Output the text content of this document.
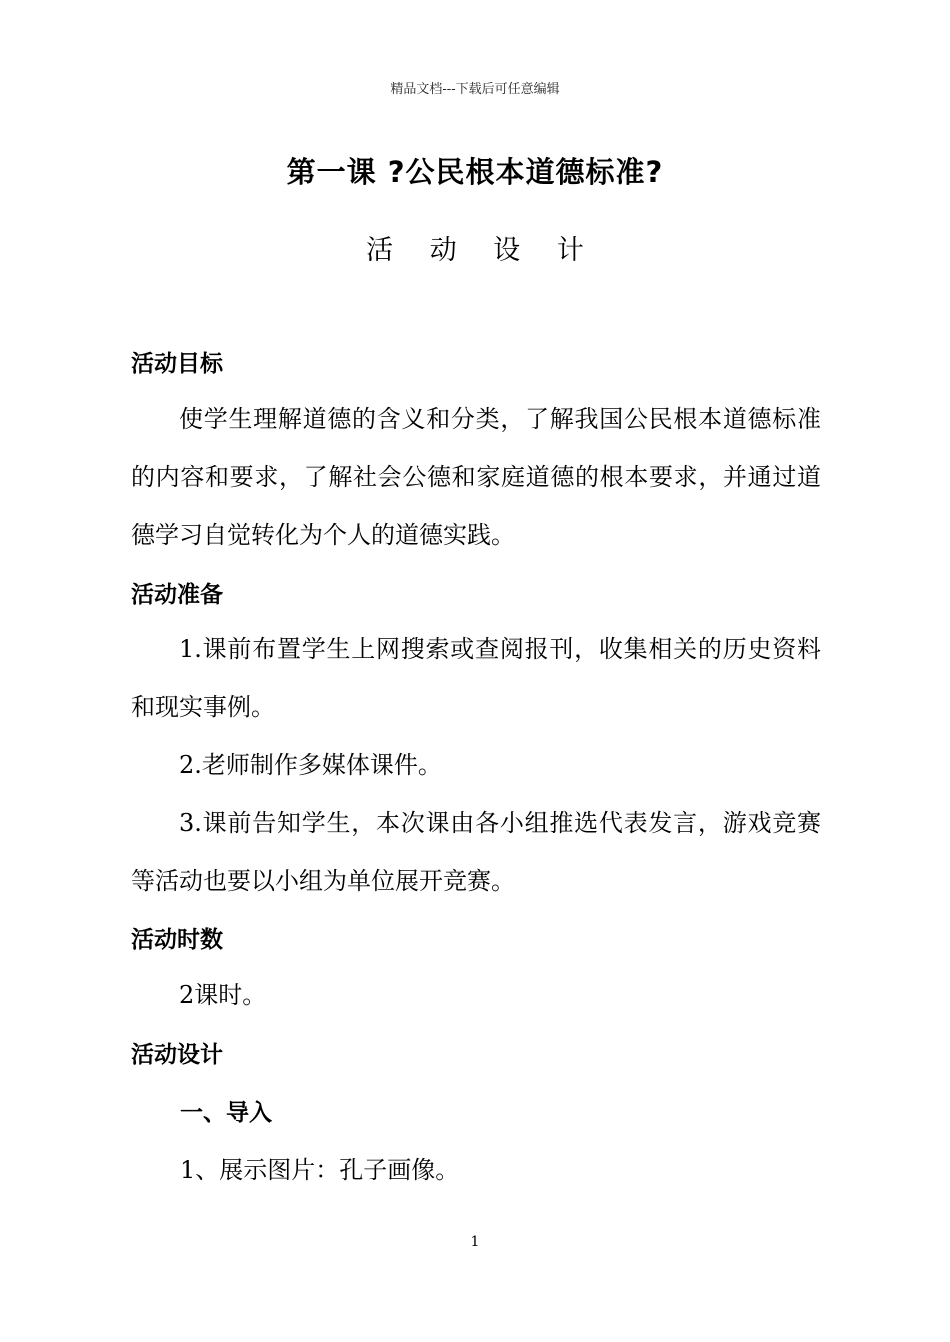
精品文档---下载后可任意编辑
第一课 ?公民根本道德标准?
活 动 设 计
活动目标
使学生理解道德的含义和分类，了解我国公民根本道德标准的内容和要求，了解社会公德和家庭道德的根本要求，并通过道德学习自觉转化为个人的道德实践。
活动准备
1.课前布置学生上网搜索或查阅报刊，收集相关的历史资料和现实事例。
2.老师制作多媒体课件。
3.课前告知学生，本次课由各小组推选代表发言，游戏竞赛等活动也要以小组为单位展开竞赛。
活动时数
2课时。
活动设计
一、导入
1、展示图片：孔子画像。
1
